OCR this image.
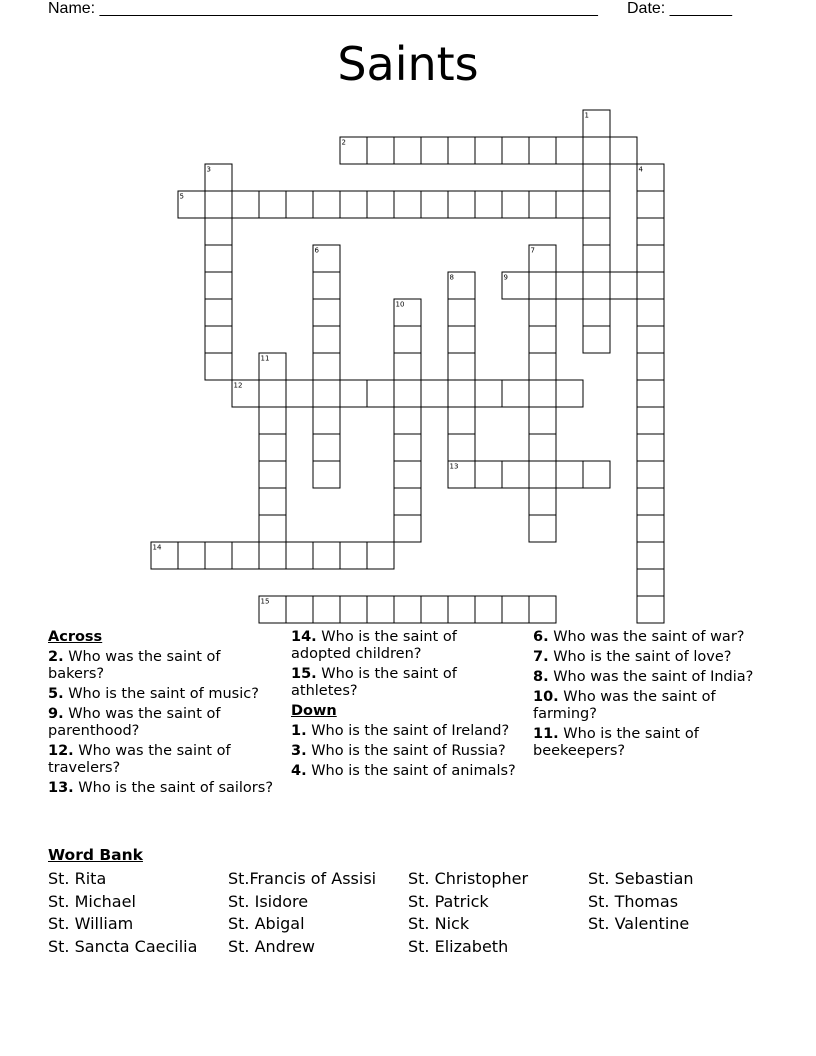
Name: ________________________________________________________ Date: _______
Saints
1
2
3	4
5
6	7
8
13
9
10
11
12
14
15
Across
2. Who was the saint of bakers?
5. Who is the saint of music?
9. Who was the saint of parenthood?
12. Who was the saint of travelers?
13. Who is the saint of sailors?
14. Who is the saint of adopted children?
15. Who is the saint of athletes?
Down
1. Who is the saint of Ireland?
3. Who is the saint of Russia?
4. Who is the saint of animals?
6. Who was the saint of war?
7. Who is the saint of love?
8. Who was the saint of India?
10. Who was the saint of farming?
11. Who is the saint of beekeepers?
Word Bank
St. Rita	St.Francis of Assisi St. Christopher	St. Sebastian
St. Michael	St. Isidore	St. Patrick	St. Thomas
St. William	St. Abigal	St. Nick	St. Valentine
St. Sancta Caecilia St. Andrew	St. Elizabeth
